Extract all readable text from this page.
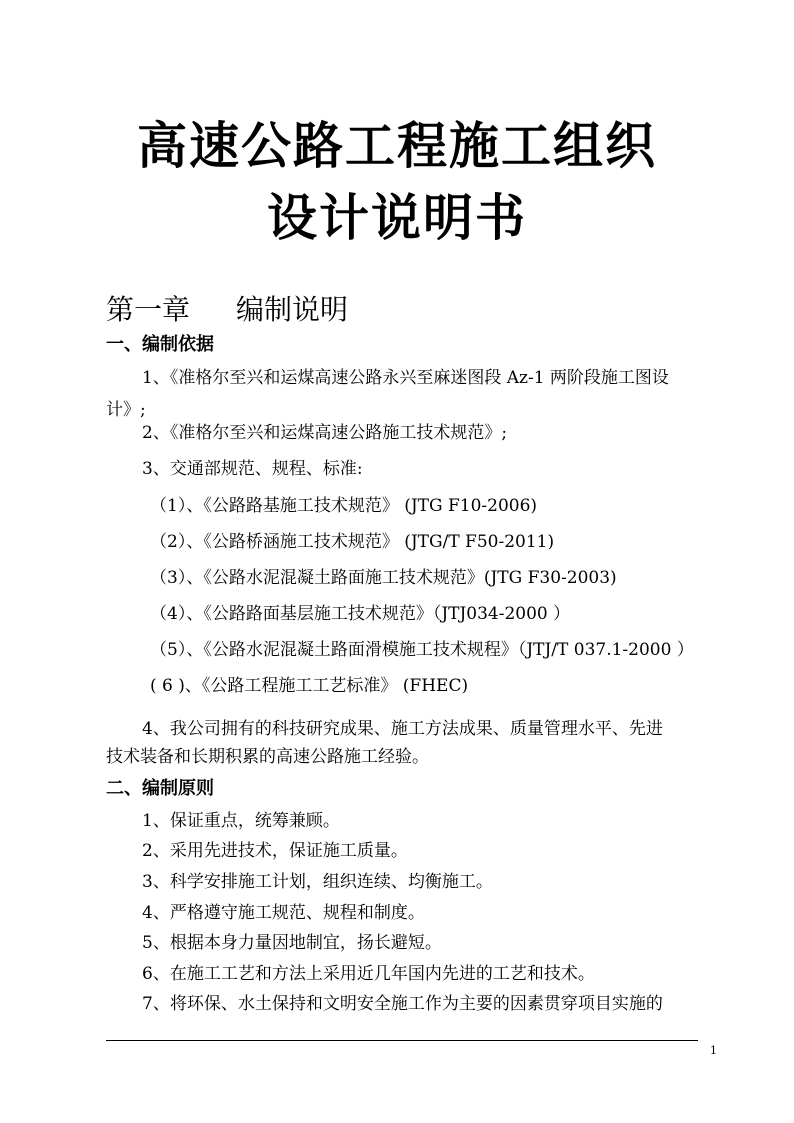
高速公路工程施工组织
设计说明书
第一章 编制说明
一、编制依据
1、《准格尔至兴和运煤高速公路永兴至麻迷图段 Az-1 两阶段施工图设
计》;
2、《准格尔至兴和运煤高速公路施工技术规范》;
3、交通部规范、规程、标准:
（1）、《公路路基施工技术规范》 (JTG F10-2006)
（2）、《公路桥涵施工技术规范》 (JTG/T F50-2011)
（3）、《公路水泥混凝土路面施工技术规范》(JTG F30-2003)
（4）、《公路路面基层施工技术规范》（JTJ034-2000 ）
（5）、《公路水泥混凝土路面滑模施工技术规程》（JTJ/T 037.1-2000 ）
( 6 )、《公路工程施工工艺标准》 (FHEC)
4、我公司拥有的科技研究成果、施工方法成果、质量管理水平、先进
技术装备和长期积累的高速公路施工经验。
二、编制原则
1、保证重点，统筹兼顾。
2、采用先进技术，保证施工质量。
3、科学安排施工计划，组织连续、均衡施工。
4、严格遵守施工规范、规程和制度。
5、根据本身力量因地制宜，扬长避短。
6、在施工工艺和方法上采用近几年国内先进的工艺和技术。
7、将环保、水土保持和文明安全施工作为主要的因素贯穿项目实施的
1
